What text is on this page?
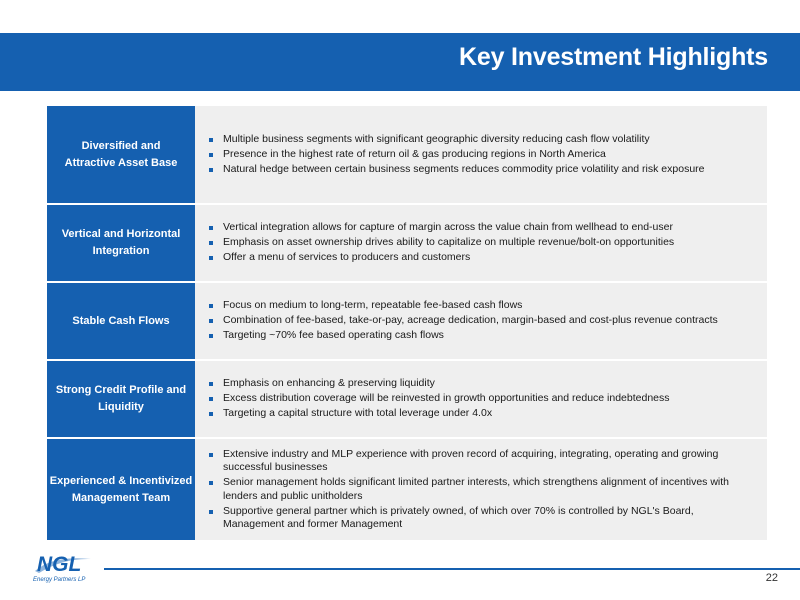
Key Investment Highlights
Diversified and
Attractive Asset Base
Multiple business segments with significant geographic diversity reducing cash flow volatility
Presence in the highest rate of return oil & gas producing regions in North America
Natural hedge between certain business segments reduces commodity price volatility and risk exposure
Vertical and Horizontal
Integration
Vertical integration allows for capture of margin across the value chain from wellhead to end-user
Emphasis on asset ownership drives ability to capitalize on multiple revenue/bolt-on opportunities
Offer a menu of services to producers and customers
Stable Cash Flows
Focus on medium to long-term, repeatable fee-based cash flows
Combination of fee-based, take-or-pay, acreage dedication, margin-based and cost-plus revenue contracts
Targeting ~70% fee based operating cash flows
Strong Credit Profile and
Liquidity
Emphasis on enhancing & preserving liquidity
Excess distribution coverage will be reinvested in growth opportunities and reduce indebtedness
Targeting a capital structure with total leverage under 4.0x
Experienced & Incentivized
Management Team
Extensive industry and MLP experience with proven record of acquiring, integrating, operating and growing successful businesses
Senior management holds significant limited partner interests, which strengthens alignment of incentives with lenders and public unitholders
Supportive general partner which is privately owned, of which over 70% is controlled by NGL's Board, Management and former Management
NGL
Energy Partners LP	22
